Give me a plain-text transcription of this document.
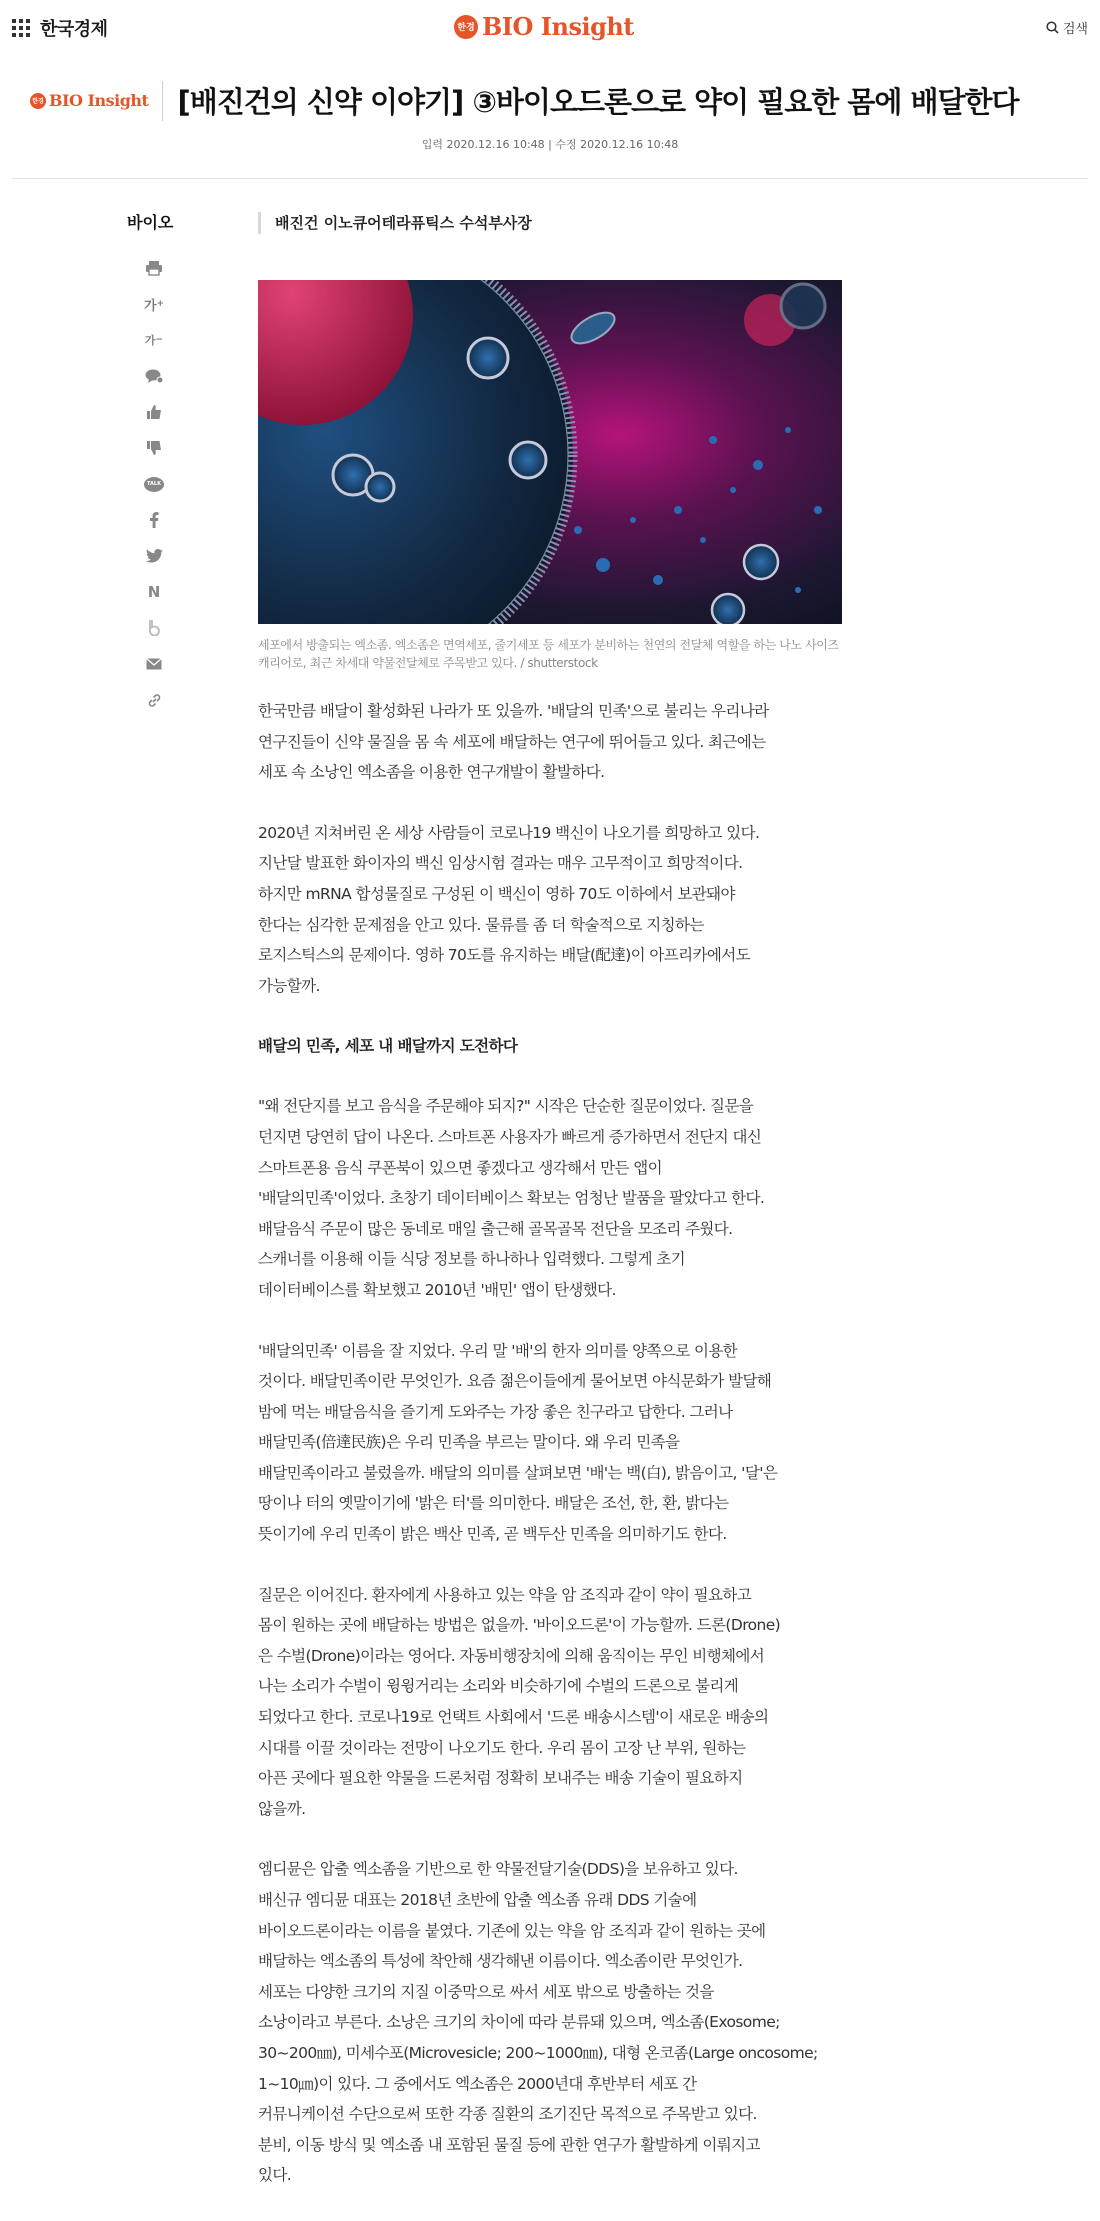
한국경제	한경 BIO Insight	검색
한경 BIO Insight [배진건의 신약 이야기] ③바이오드론으로 약이 필요한 몸에 배달한다
입력 2020.12.16 10:48 | 수정 2020.12.16 10:48
바이오
가 +
가 −
TALK
N
배진건 이노큐어테라퓨틱스 수석부사장
세포에서 방출되는 엑소좀. 엑소좀은 면역세포, 줄기세포 등 세포가 분비하는 천연의 전달체 역할을 하는 나노 사이즈 캐리어로, 최근 차세대 약물전달체로 주목받고 있다. / shutterstock

한국만큼 배달이 활성화된 나라가 또 있을까. '배달의 민족'으로 불리는 우리나라
연구진들이 신약 물질을 몸 속 세포에 배달하는 연구에 뛰어들고 있다. 최근에는
세포 속 소낭인 엑소좀을 이용한 연구개발이 활발하다.

2020년 지쳐버린 온 세상 사람들이 코로나19 백신이 나오기를 희망하고 있다.
지난달 발표한 화이자의 백신 임상시험 결과는 매우 고무적이고 희망적이다.
하지만 mRNA 합성물질로 구성된 이 백신이 영하 70도 이하에서 보관돼야
한다는 심각한 문제점을 안고 있다. 물류를 좀 더 학술적으로 지칭하는
로지스틱스의 문제이다. 영하 70도를 유지하는 배달(配達)이 아프리카에서도
가능할까.

배달의 민족, 세포 내 배달까지 도전하다

"왜 전단지를 보고 음식을 주문해야 되지?" 시작은 단순한 질문이었다. 질문을
던지면 당연히 답이 나온다. 스마트폰 사용자가 빠르게 증가하면서 전단지 대신
스마트폰용 음식 쿠폰북이 있으면 좋겠다고 생각해서 만든 앱이
'배달의민족'이었다. 초창기 데이터베이스 확보는 엄청난 발품을 팔았다고 한다.
배달음식 주문이 많은 동네로 매일 출근해 골목골목 전단을 모조리 주웠다.
스캐너를 이용해 이들 식당 정보를 하나하나 입력했다. 그렇게 초기
데이터베이스를 확보했고 2010년 '배민' 앱이 탄생했다.

'배달의민족' 이름을 잘 지었다. 우리 말 '배'의 한자 의미를 양쪽으로 이용한
것이다. 배달민족이란 무엇인가. 요즘 젊은이들에게 물어보면 야식문화가 발달해
밤에 먹는 배달음식을 즐기게 도와주는 가장 좋은 친구라고 답한다. 그러나
배달민족(倍達民族)은 우리 민족을 부르는 말이다. 왜 우리 민족을
배달민족이라고 불렀을까. 배달의 의미를 살펴보면 '배'는 백(白), 밝음이고, '달'은
땅이나 터의 옛말이기에 '밝은 터'를 의미한다. 배달은 조선, 한, 환, 밝다는
뜻이기에 우리 민족이 밝은 백산 민족, 곧 백두산 민족을 의미하기도 한다.

질문은 이어진다. 환자에게 사용하고 있는 약을 암 조직과 같이 약이 필요하고
몸이 원하는 곳에 배달하는 방법은 없을까. '바이오드론'이 가능할까. 드론(Drone)
은 수벌(Drone)이라는 영어다. 자동비행장치에 의해 움직이는 무인 비행체에서
나는 소리가 수벌이 윙윙거리는 소리와 비슷하기에 수벌의 드론으로 불리게
되었다고 한다. 코로나19로 언택트 사회에서 '드론 배송시스템'이 새로운 배송의
시대를 이끌 것이라는 전망이 나오기도 한다. 우리 몸이 고장 난 부위, 원하는
아픈 곳에다 필요한 약물을 드론처럼 정확히 보내주는 배송 기술이 필요하지
않을까.

엠디뮨은 압출 엑소좀을 기반으로 한 약물전달기술(DDS)을 보유하고 있다.
배신규 엠디뮨 대표는 2018년 초반에 압출 엑소좀 유래 DDS 기술에
바이오드론이라는 이름을 붙였다. 기존에 있는 약을 암 조직과 같이 원하는 곳에
배달하는 엑소좀의 특성에 착안해 생각해낸 이름이다. 엑소좀이란 무엇인가.
세포는 다양한 크기의 지질 이중막으로 싸서 세포 밖으로 방출하는 것을
소낭이라고 부른다. 소낭은 크기의 차이에 따라 분류돼 있으며, 엑소좀(Exosome;
30~200㎚), 미세수포(Microvesicle; 200~1000㎚), 대형 온코좀(Large oncosome;
1~10㎛)이 있다. 그 중에서도 엑소좀은 2000년대 후반부터 세포 간
커뮤니케이션 수단으로써 또한 각종 질환의 조기진단 목적으로 주목받고 있다.
분비, 이동 방식 및 엑소좀 내 포함된 물질 등에 관한 연구가 활발하게 이뤄지고
있다.
